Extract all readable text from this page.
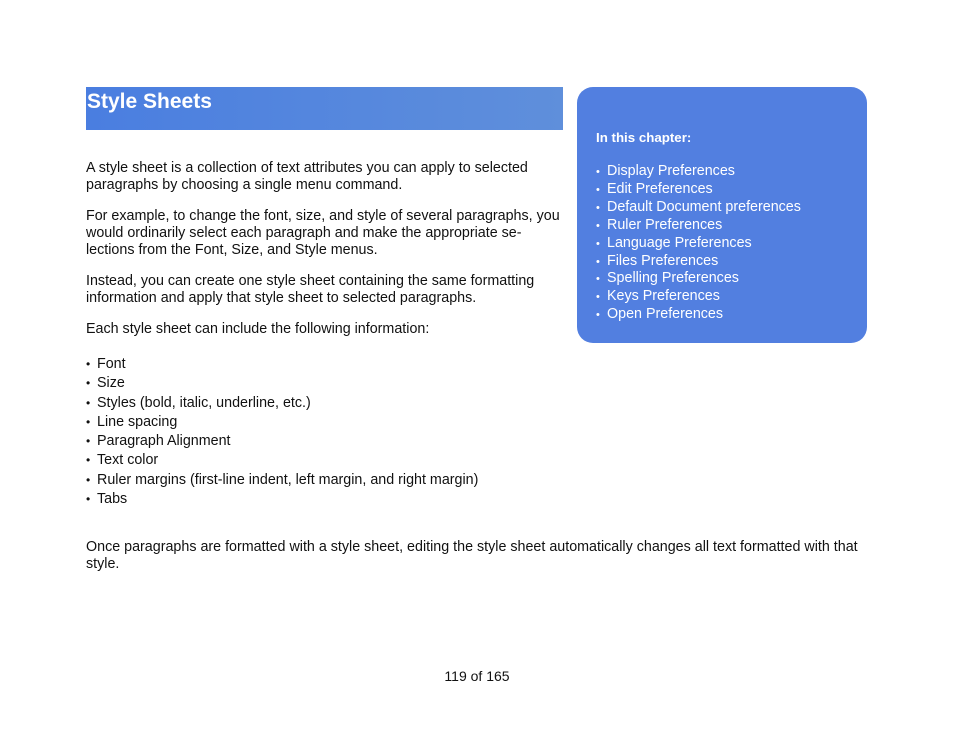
Style Sheets

A style sheet is a collection of text attributes you can apply to selected paragraphs by choosing a single menu command.

For example, to change the font, size, and style of several paragraphs, you would ordinarily select each paragraph and make the appropriate se-lections from the Font, Size, and Style menus.

Instead, you can create one style sheet containing the same formatting information and apply that style sheet to selected paragraphs.

Each style sheet can include the following information:

• Font
• Size
• Styles (bold, italic, underline, etc.)
• Line spacing
• Paragraph Alignment
• Text color
• Ruler margins (first-line indent, left margin, and right margin)
• Tabs

Once paragraphs are formatted with a style sheet, editing the style sheet automatically changes all text formatted with that style.

In this chapter:
• Display Preferences
• Edit Preferences
• Default Document preferences
• Ruler Preferences
• Language Preferences
• Files Preferences
• Spelling Preferences
• Keys Preferences
• Open Preferences
119 of 165
